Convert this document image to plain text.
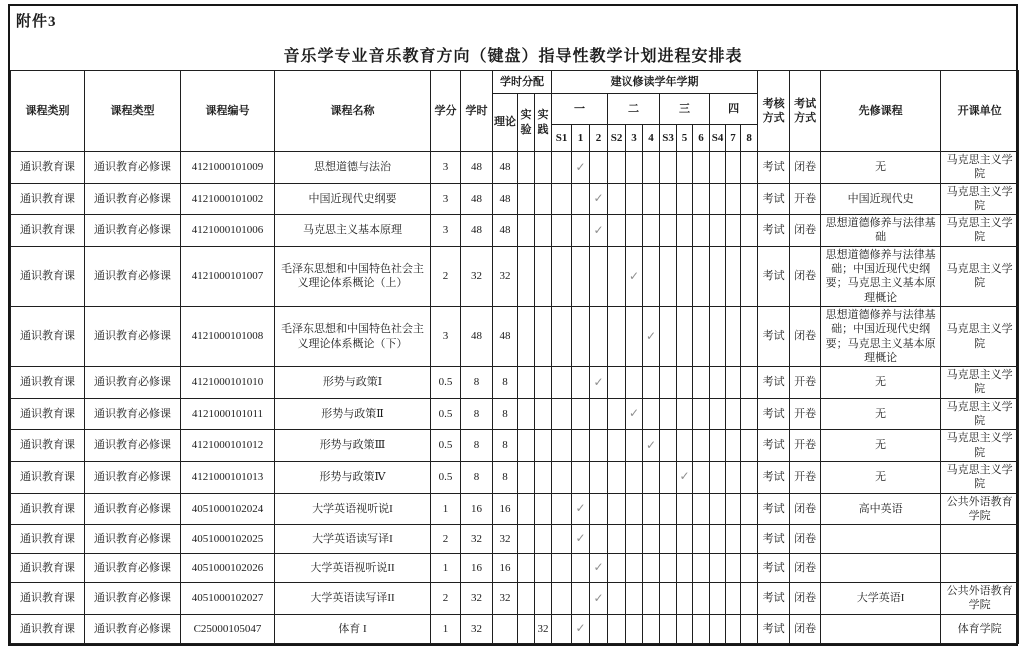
附件3
音乐学专业音乐教育方向（键盘）指导性教学计划进程安排表
课程类别	课程类型	课程编号	课程名称	学分	学时	学时分配			建议修读学年学期												考核方式	考试方式	先修课程	开课单位
						理论	实验	实践	一			二			三			四						
									S1	1	2	S2	3	4	S3	5	6	S4	7	8				
通识教育课	通识教育必修课	4121000101009	思想道德与法治	3	48	48				✓											考试	闭卷	无	马克思主义学院
通识教育课	通识教育必修课	4121000101002	中国近现代史纲要	3	48	48					✓										考试	开卷	中国近现代史	马克思主义学院
通识教育课	通识教育必修课	4121000101006	马克思主义基本原理	3	48	48					✓										考试	闭卷	思想道德修养与法律基础	马克思主义学院
通识教育课	通识教育必修课	4121000101007	毛泽东思想和中国特色社会主义理论体系概论（上）	2	32	32							✓								考试	闭卷	思想道德修养与法律基础；中国近现代史纲要；马克思主义基本原理概论	马克思主义学院
通识教育课	通识教育必修课	4121000101008	毛泽东思想和中国特色社会主义理论体系概论（下）	3	48	48								✓							考试	闭卷	思想道德修养与法律基础；中国近现代史纲要；马克思主义基本原理概论	马克思主义学院
通识教育课	通识教育必修课	4121000101010	形势与政策Ⅰ	0.5	8	8					✓										考试	开卷	无	马克思主义学院
通识教育课	通识教育必修课	4121000101011	形势与政策Ⅱ	0.5	8	8							✓								考试	开卷	无	马克思主义学院
通识教育课	通识教育必修课	4121000101012	形势与政策Ⅲ	0.5	8	8								✓							考试	开卷	无	马克思主义学院
通识教育课	通识教育必修课	4121000101013	形势与政策Ⅳ	0.5	8	8										✓					考试	开卷	无	马克思主义学院
通识教育课	通识教育必修课	4051000102024	大学英语视听说I	1	16	16				✓											考试	闭卷	高中英语	公共外语教育学院
通识教育课	通识教育必修课	4051000102025	大学英语读写译I	2	32	32				✓											考试	闭卷		
通识教育课	通识教育必修课	4051000102026	大学英语视听说II	1	16	16					✓										考试	闭卷		
通识教育课	通识教育必修课	4051000102027	大学英语读写译II	2	32	32					✓										考试	闭卷	大学英语I	公共外语教育学院
通识教育课	通识教育必修课	C25000105047	体育 I	1	32			32		✓											考试	闭卷		体育学院
